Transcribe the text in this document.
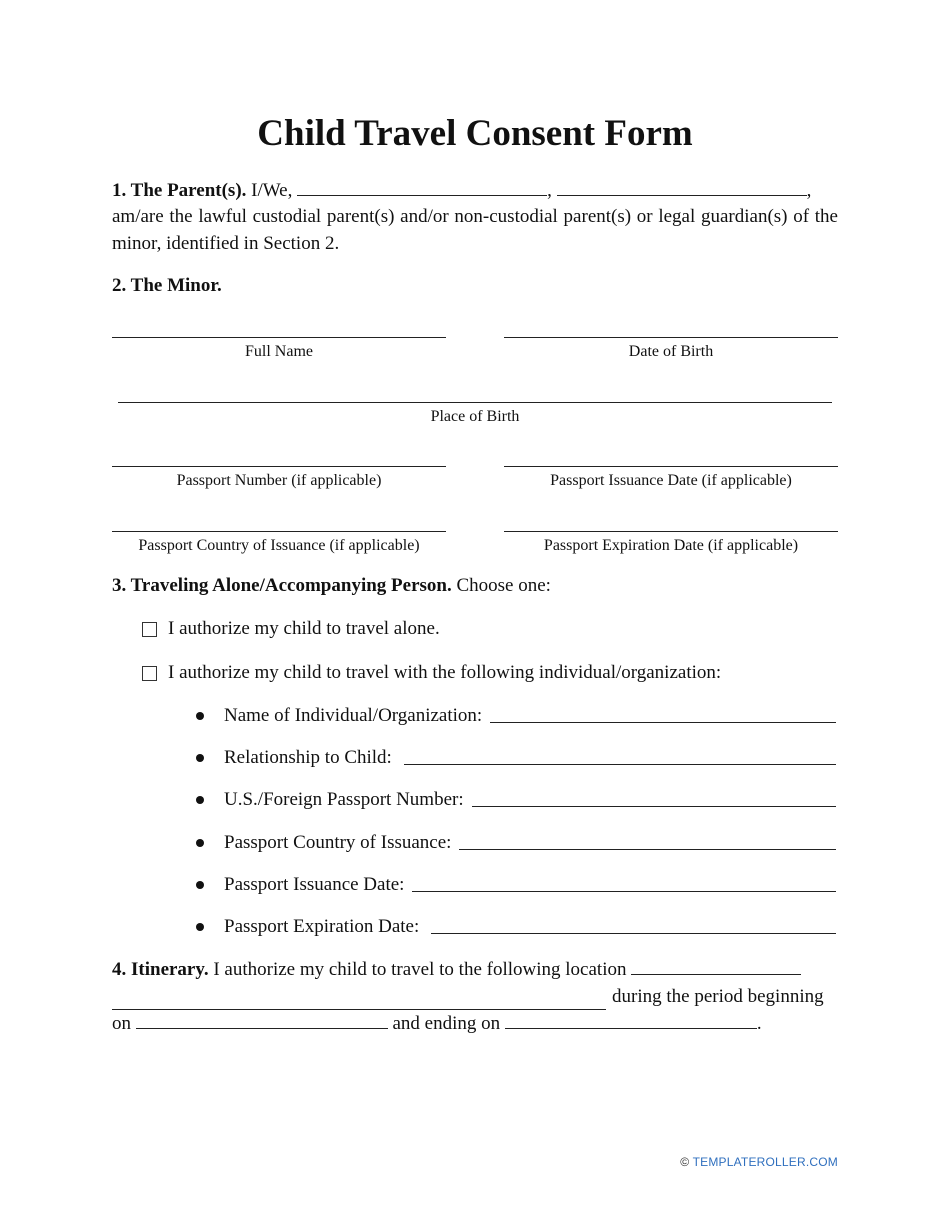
Child Travel Consent Form
1. The Parent(s). I/We,	,	,

am/are the lawful custodial parent(s) and/or non-custodial parent(s) or legal guardian(s) of the minor, identified in Section 2.

2. The Minor.

Full Name	Date of Birth
Place of Birth
Passport Number (if applicable)	Passport Issuance Date (if applicable)
Passport Country of Issuance (if applicable)	Passport Expiration Date (if applicable)
3. Traveling Alone/Accompanying Person. Choose one:
I authorize my child to travel alone.
I authorize my child to travel with the following individual/organization:
Name of Individual/Organization:
Relationship to Child:
U.S./Foreign Passport Number:
Passport Country of Issuance:
Passport Issuance Date:
Passport Expiration Date:
4. Itinerary. I authorize my child to travel to the following location
during the period beginning
on	and ending on	.
© TEMPLATEROLLER.COM
